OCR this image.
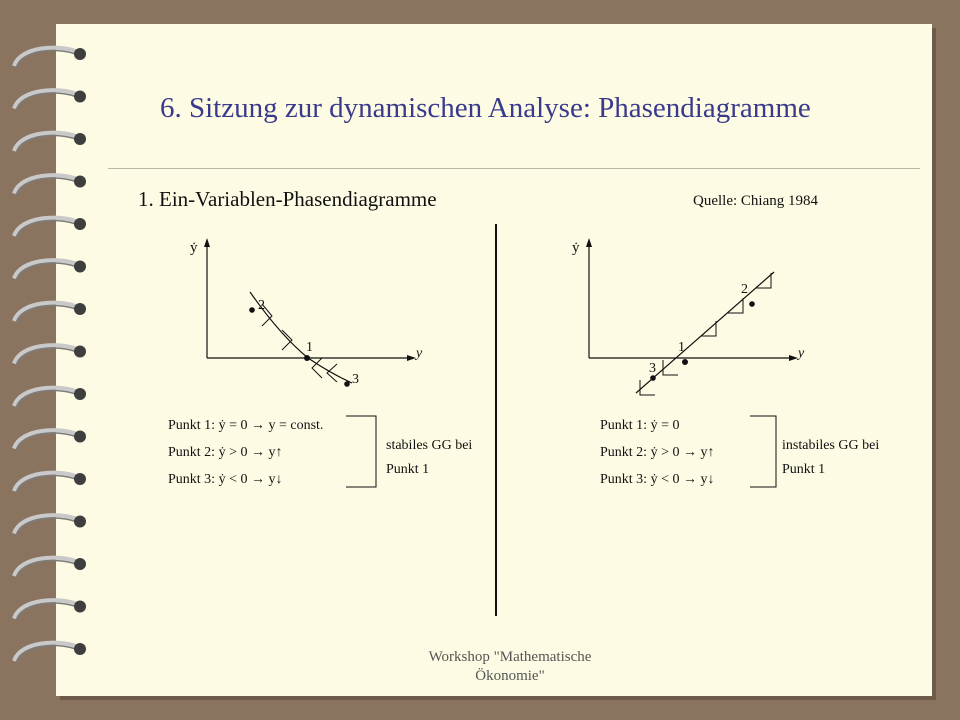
6. Sitzung zur dynamischen Analyse: Phasendiagramme
1. Ein-Variablen-Phasendiagramme	Quelle: Chiang 1984
ẏ
y
1
2
3
Punkt 1: ẏ = 0 → y = const.
Punkt 2: ẏ > 0 → y↑
Punkt 3: ẏ < 0 → y↓
stabiles GG bei
Punkt 1
ẏ
y
1
2
3
Punkt 1: ẏ = 0
Punkt 2: ẏ > 0 → y↑
Punkt 3: ẏ < 0 → y↓
instabiles GG bei
Punkt 1
Workshop "Mathematische
Ökonomie"
